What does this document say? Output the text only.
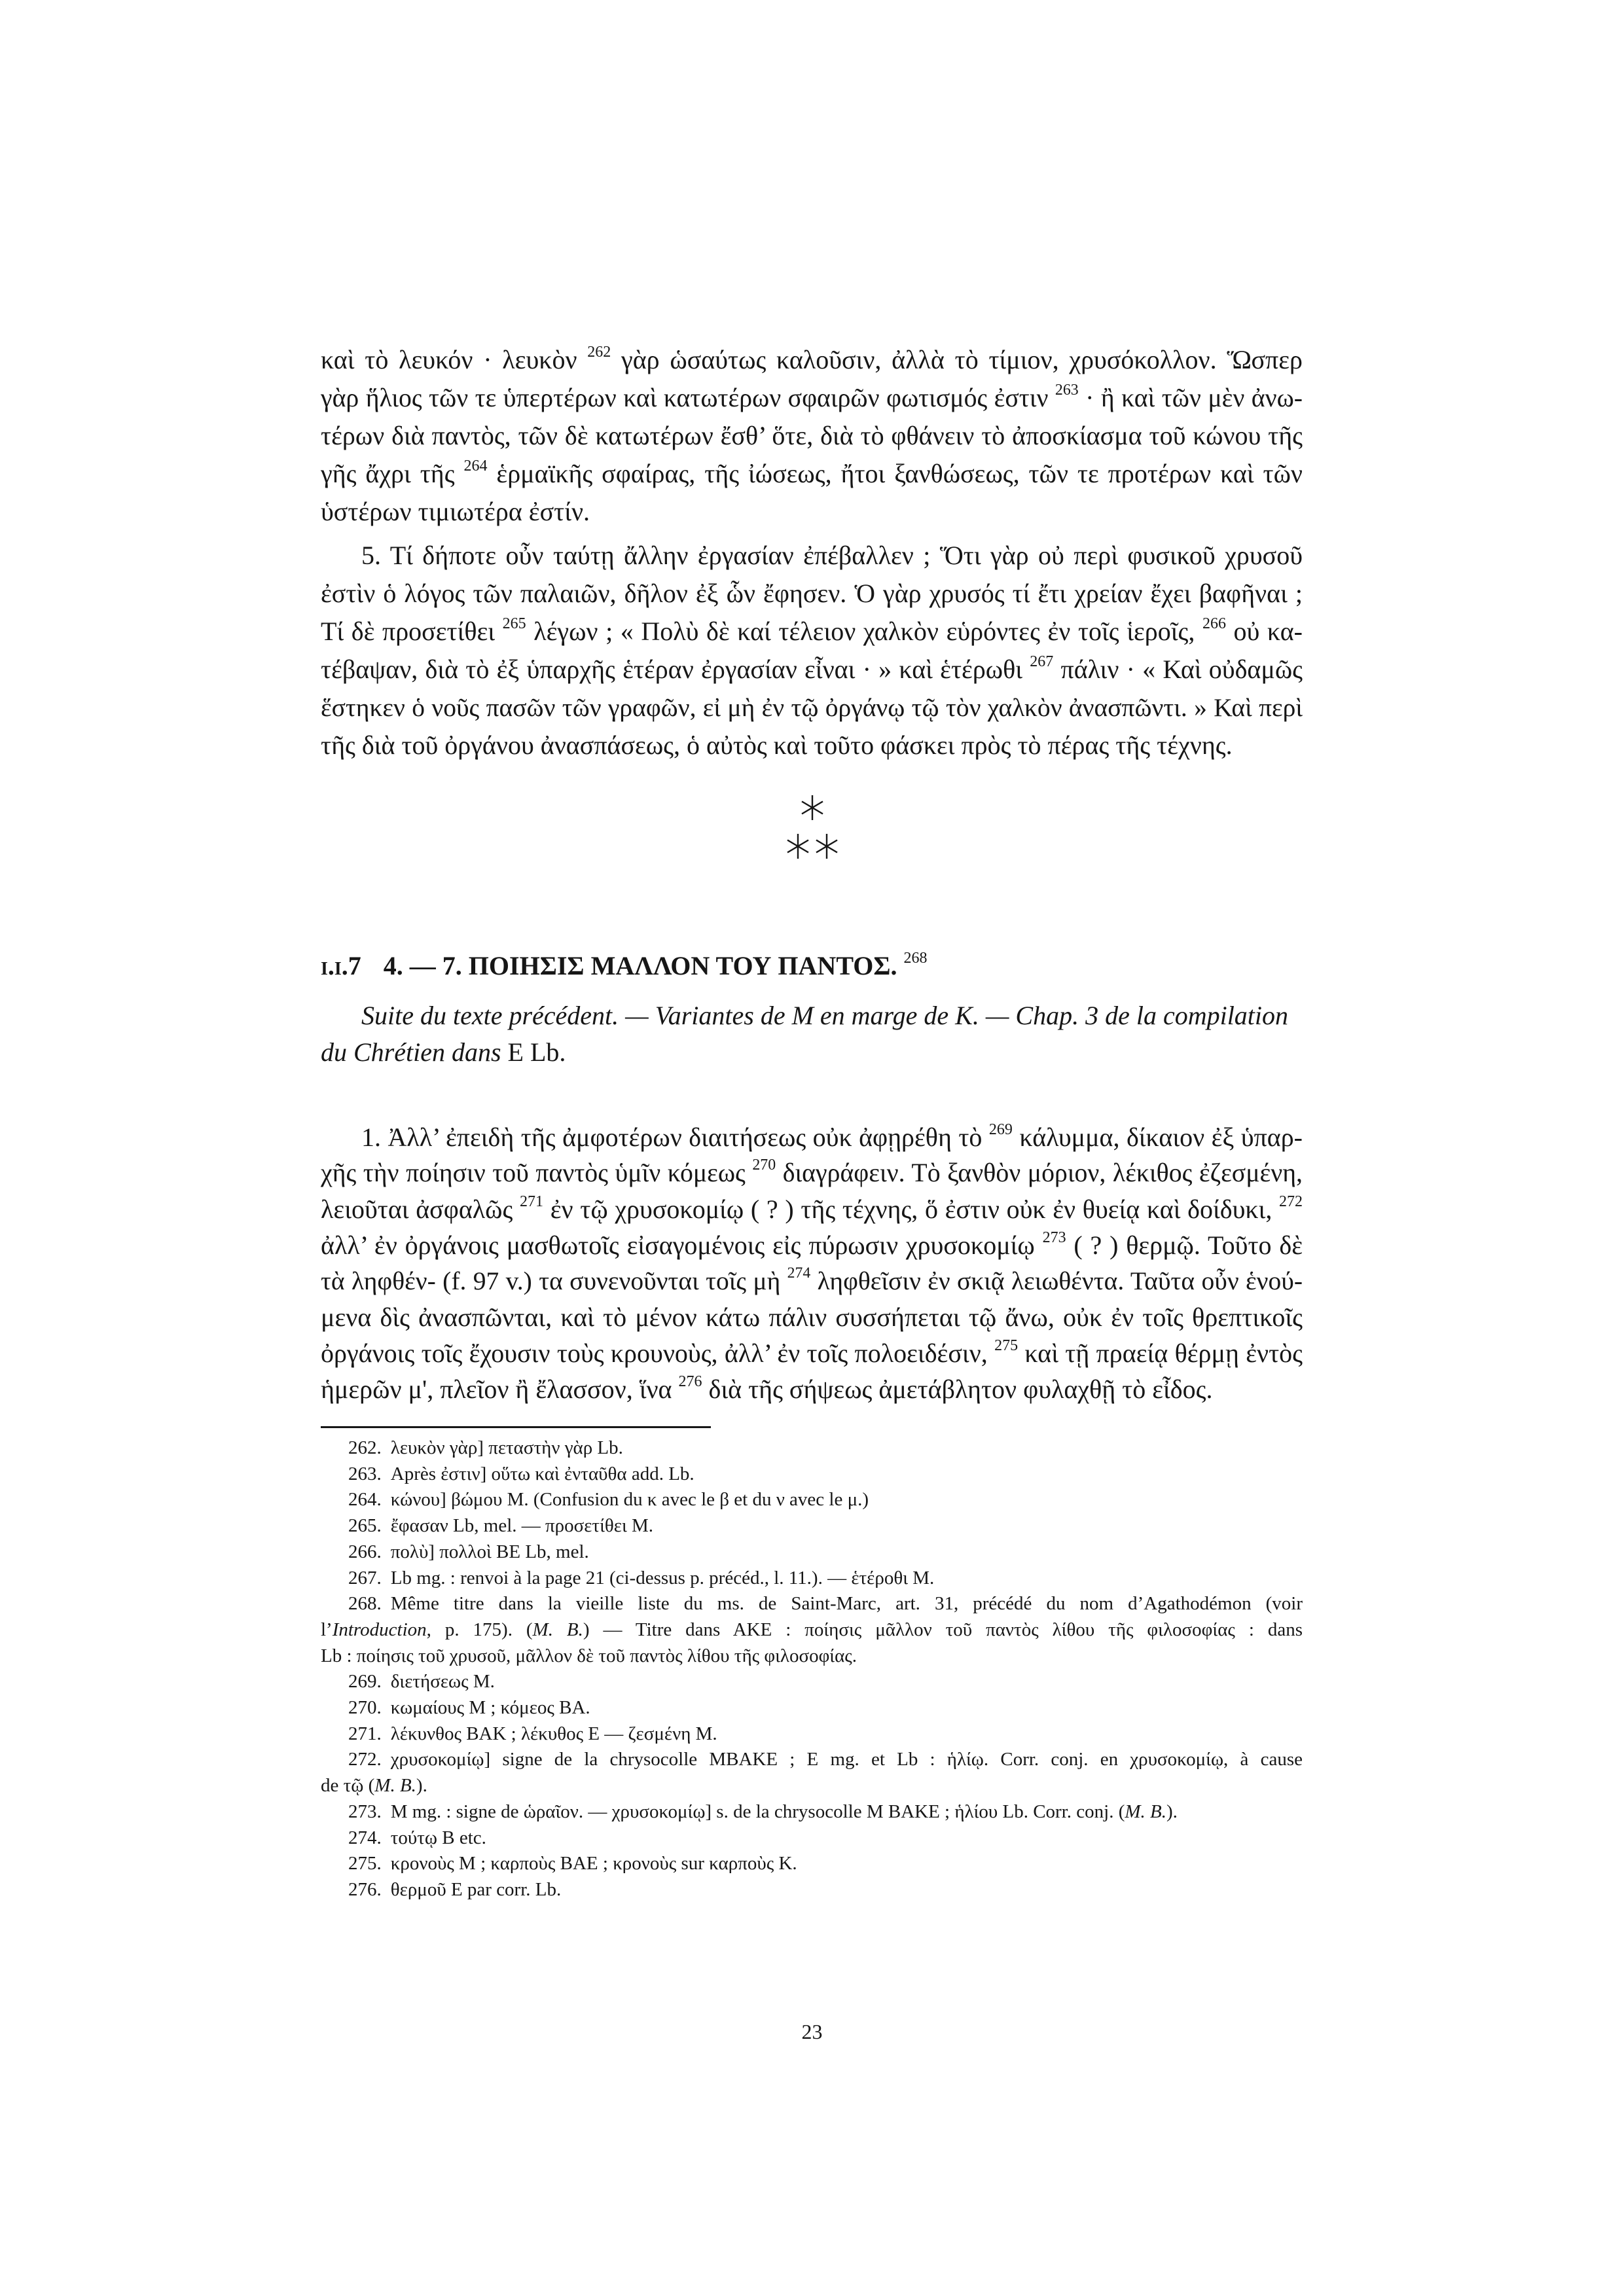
καὶ τὸ λευκόν · λευκὸν $^{262}$ γὰρ ὡσαύτως καλοῦσιν, ἀλλὰ τὸ τίμιον, χρυσόκολλον. Ὥσπερ
γὰρ ἥλιος τῶν τε ὑπερτέρων καὶ κατωτέρων σφαιρῶν φωτισμός ἐστιν $^{263}$ · ἢ καὶ τῶν μὲν ἀνω-
τέρων διὰ παντὸς, τῶν δὲ κατωτέρων ἔσθ’ ὅτε, διὰ τὸ φθάνειν τὸ ἀποσκίασμα τοῦ κώνου τῆς
γῆς ἄχρι τῆς $^{264}$ ἑρμαϊκῆς σφαίρας, τῆς ἰώσεως, ἤτοι ξανθώσεως, τῶν τε προτέρων καὶ τῶν
ὑστέρων τιμιωτέρα ἐστίν.
5. Τί δήποτε οὖν ταύτῃ ἄλλην ἐργασίαν ἐπέβαλλεν ; Ὅτι γὰρ οὐ περὶ φυσικοῦ χρυσοῦ
ἐστὶν ὁ λόγος τῶν παλαιῶν, δῆλον ἐξ ὧν ἔφησεν. Ὁ γὰρ χρυσός τί ἔτι χρείαν ἔχει βαφῆναι ;
Τί δὲ προσετίθει $^{265}$ λέγων ; « Πολὺ δὲ καί τέλειον χαλκὸν εὑρόντες ἐν τοῖς ἱεροῖς, $^{266}$ οὐ κα-
τέβαψαν, διὰ τὸ ἐξ ὑπαρχῆς ἑτέραν ἐργασίαν εἶναι · » καὶ ἑτέρωθι $^{267}$ πάλιν · « Καὶ οὐδαμῶς
ἕστηκεν ὁ νοῦς πασῶν τῶν γραφῶν, εἰ μὴ ἐν τῷ ὀργάνῳ τῷ τὸν χαλκὸν ἀνασπῶντι. » Καὶ περὶ
τῆς διὰ τοῦ ὀργάνου ἀνασπάσεως, ὁ αὐτὸς καὶ τοῦτο φάσκει πρὸς τὸ πέρας τῆς τέχνης.
i.i.7 4. — 7. ΠΟΙΗΣΙΣ ΜΑΛΛΟΝ ΤΟΥ ΠΑΝΤΟΣ. $^{268}$
Suite du texte précédent. — Variantes de M en marge de K. — Chap. 3 de la compilation
du Chrétien dans E Lb.
1. Ἀλλ’ ἐπειδὴ τῆς ἀμφοτέρων διαιτήσεως οὐκ ἀφῃρέθη τὸ $^{269}$ κάλυμμα, δίκαιον ἐξ ὑπαρ-
χῆς τὴν ποίησιν τοῦ παντὸς ὑμῖν κόμεως $^{270}$ διαγράφειν. Τὸ ξανθὸν μόριον, λέκιθος ἐζεσμένη,
λειοῦται ἀσφαλῶς $^{271}$ ἐν τῷ χρυσοκομίῳ ( ? ) τῆς τέχνης, ὅ ἐστιν οὐκ ἐν θυείᾳ καὶ δοίδυκι, $^{272}$
ἀλλ’ ἐν ὀργάνοις μασθωτοῖς εἰσαγομένοις εἰς πύρωσιν χρυσοκομίῳ $^{273}$ ( ? ) θερμῷ. Τοῦτο δὲ
τὰ ληφθέν- (f. 97 v.) τα συνενοῦνται τοῖς μὴ $^{274}$ ληφθεῖσιν ἐν σκιᾷ λειωθέντα. Ταῦτα οὖν ἑνού-
μενα δὶς ἀνασπῶνται, καὶ τὸ μένον κάτω πάλιν συσσήπεται τῷ ἄνω, οὐκ ἐν τοῖς θρεπτικοῖς
ὀργάνοις τοῖς ἔχουσιν τοὺς κρουνοὺς, ἀλλ’ ἐν τοῖς πολοειδέσιν, $^{275}$ καὶ τῇ πραείᾳ θέρμῃ ἐντὸς
ἡμερῶν μ', πλεῖον ἢ ἔλασσον, ἵνα $^{276}$ διὰ τῆς σήψεως ἀμετάβλητον φυλαχθῇ τὸ εἶδος.
262. λευκὸν γὰρ] πεταστὴν γὰρ Lb.
263. Après ἐστιν] οὕτω καὶ ἐνταῦθα add. Lb.
264. κώνου] βώμου M. (Confusion du κ avec le β et du ν avec le μ.)
265. ἔφασαν Lb, mel. — προσετίθει M.
266. πολὺ] πολλοὶ BE Lb, mel.
267. Lb mg. : renvoi à la page 21 (ci-dessus p. précéd., l. 11.). — ἑτέροθι M.
268. Même titre dans la vieille liste du ms. de Saint-Marc, art. 31, précédé du nom d’Agathodémon (voir
l’Introduction, p. 175). (M. B.) — Titre dans AKE : ποίησις μᾶλλον τοῦ παντὸς λίθου τῆς φιλοσοφίας : dans
Lb : ποίησις τοῦ χρυσοῦ, μᾶλλον δὲ τοῦ παντὸς λίθου τῆς φιλοσοφίας.
269. διετήσεως M.
270. κωμαίους M ; κόμεος BA.
271. λέκυνθος BAK ; λέκυθος E — ζεσμένη M.
272. χρυσοκομίῳ] signe de la chrysocolle MBAKE ; E mg. et Lb : ἡλίῳ. Corr. conj. en χρυσοκομίῳ, à cause
de τῷ (M. B.).
273. M mg. : signe de ὡραῖον. — χρυσοκομίῳ] s. de la chrysocolle M BAKE ; ἡλίου Lb. Corr. conj. (M. B.).
274. τούτῳ B etc.
275. κρονοὺς M ; καρποὺς BAE ; κρονοὺς sur καρποὺς K.
276. θερμοῦ E par corr. Lb.
23
